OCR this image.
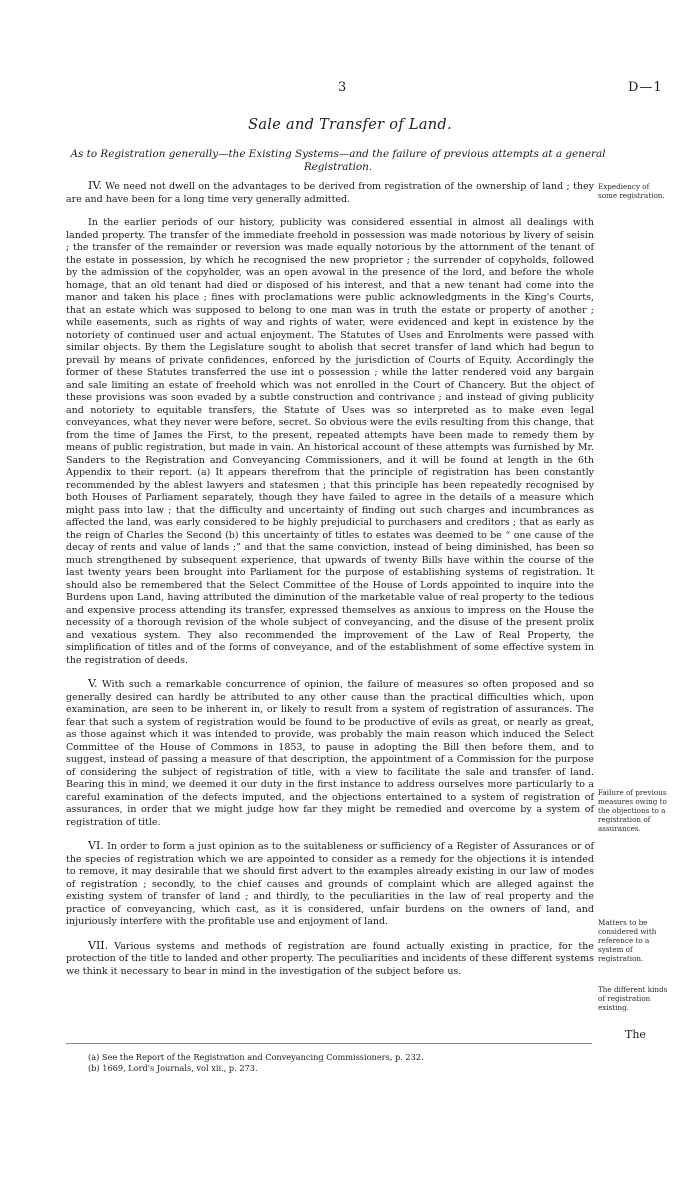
3	D—1
Sale and Transfer of Land.
As to Registration generally—the Existing Systems—and the failure of previous attempts at a general Registration.

IV. We need not dwell on the advantages to be derived from registration of the ownership of land ; they are and have been for a long time very generally admitted.

In the earlier periods of our history, publicity was considered essential in almost all dealings with landed property. The transfer of the immediate freehold in possession was made notorious by livery of seisin ; the transfer of the remainder or reversion was made equally notorious by the attornment of the tenant of the estate in possession, by which he recognised the new proprietor ; the surrender of copyholds, followed by the admission of the copyholder, was an open avowal in the presence of the lord, and before the whole homage, that an old tenant had died or disposed of his interest, and that a new tenant had come into the manor and taken his place ; fines with proclamations were public acknowledgments in the King's Courts, that an estate which was supposed to belong to one man was in truth the estate or property of another ; while easements, such as rights of way and rights of water, were evidenced and kept in existence by the notoriety of continued user and actual enjoyment. The Statutes of Uses and Enrolments were passed with similar objects. By them the Legislature sought to abolish that secret transfer of land which had begun to prevail by means of private confidences, enforced by the jurisdiction of Courts of Equity. Accordingly the former of these Statutes transferred the use int o possession ; while the latter rendered void any bargain and sale limiting an estate of freehold which was not enrolled in the Court of Chancery. But the object of these provisions was soon evaded by a subtle construction and contrivance ; and instead of giving publicity and notoriety to equitable transfers, the Statute of Uses was so interpreted as to make even legal conveyances, what they never were before, secret. So obvious were the evils resulting from this change, that from the time of James the First, to the present, repeated attempts have been made to remedy them by means of public registration, but made in vain. An historical account of these attempts was furnished by Mr. Sanders to the Registration and Conveyancing Commissioners, and it will be found at length in the 6th Appendix to their report. (a) It appears therefrom that the principle of registration has been constantly recommended by the ablest lawyers and statesmen ; that this principle has been repeatedly recognised by both Houses of Parliament separately, though they have failed to agree in the details of a measure which might pass into law ; that the difficulty and uncertainty of finding out such charges and incumbrances as affected the land, was early considered to be highly prejudicial to purchasers and creditors ; that as early as the reign of Charles the Second (b) this uncertainty of titles to estates was deemed to be “ one cause of the decay of rents and value of lands ;” and that the same conviction, instead of being diminished, has been so much strengthened by subsequent experience, that upwards of twenty Bills have within the course of the last twenty years been brought into Parliament for the purpose of establishing systems of registration. It should also be remembered that the Select Committee of the House of Lords appointed to inquire into the Burdens upon Land, having attributed the diminution of the marketable value of real property to the tedious and expensive process attending its transfer, expressed themselves as anxious to impress on the House the necessity of a thorough revision of the whole subject of conveyancing, and the disuse of the present prolix and vexatious system. They also recommended the improvement of the Law of Real Property, the simplification of titles and of the forms of conveyance, and of the establishment of some effective system in the registration of deeds.

V. With such a remarkable concurrence of opinion, the failure of measures so often proposed and so generally desired can hardly be attributed to any other cause than the practical difficulties which, upon examination, are seen to be inherent in, or likely to result from a system of registration of assurances. The fear that such a system of registration would be found to be productive of evils as great, or nearly as great, as those against which it was intended to provide, was probably the main reason which induced the Select Committee of the House of Commons in 1853, to pause in adopting the Bill then before them, and to suggest, instead of passing a measure of that description, the appointment of a Commission for the purpose of considering the subject of registration of title, with a view to facilitate the sale and transfer of land. Bearing this in mind, we deemed it our duty in the first instance to address ourselves more particularly to a careful examination of the defects imputed, and the objections entertained to a system of registration of assurances, in order that we might judge how far they might be remedied and overcome by a system of registration of title.

VI. In order to form a just opinion as to the suitableness or sufficiency of a Register of Assurances or of the species of registration which we are appointed to consider as a remedy for the objections it is intended to remove, it may desirable that we should first advert to the examples already existing in our law of modes of registration ; secondly, to the chief causes and grounds of complaint which are alleged against the existing system of transfer of land ; and thirdly, to the peculiarities in the law of real property and the practice of conveyancing, which cast, as it is considered, unfair burdens on the owners of land, and injuriously interfere with the profitable use and enjoyment of land.

VII. Various systems and methods of registration are found actually existing in practice, for the protection of the title to landed and other property. The peculiarities and incidents of these different systems we think it necessary to bear in mind in the investigation of the subject before us.

Expediency of some registration.
Failure of previous measures owing to the objections to a registration of assurances.
Matters to be considered with reference to a system of registration.
The different kinds of registration existing.
The
(a) See the Report of the Registration and Conveyancing Commissioners, p. 232.
(b) 1669, Lord's Journals, vol xii., p. 273.
